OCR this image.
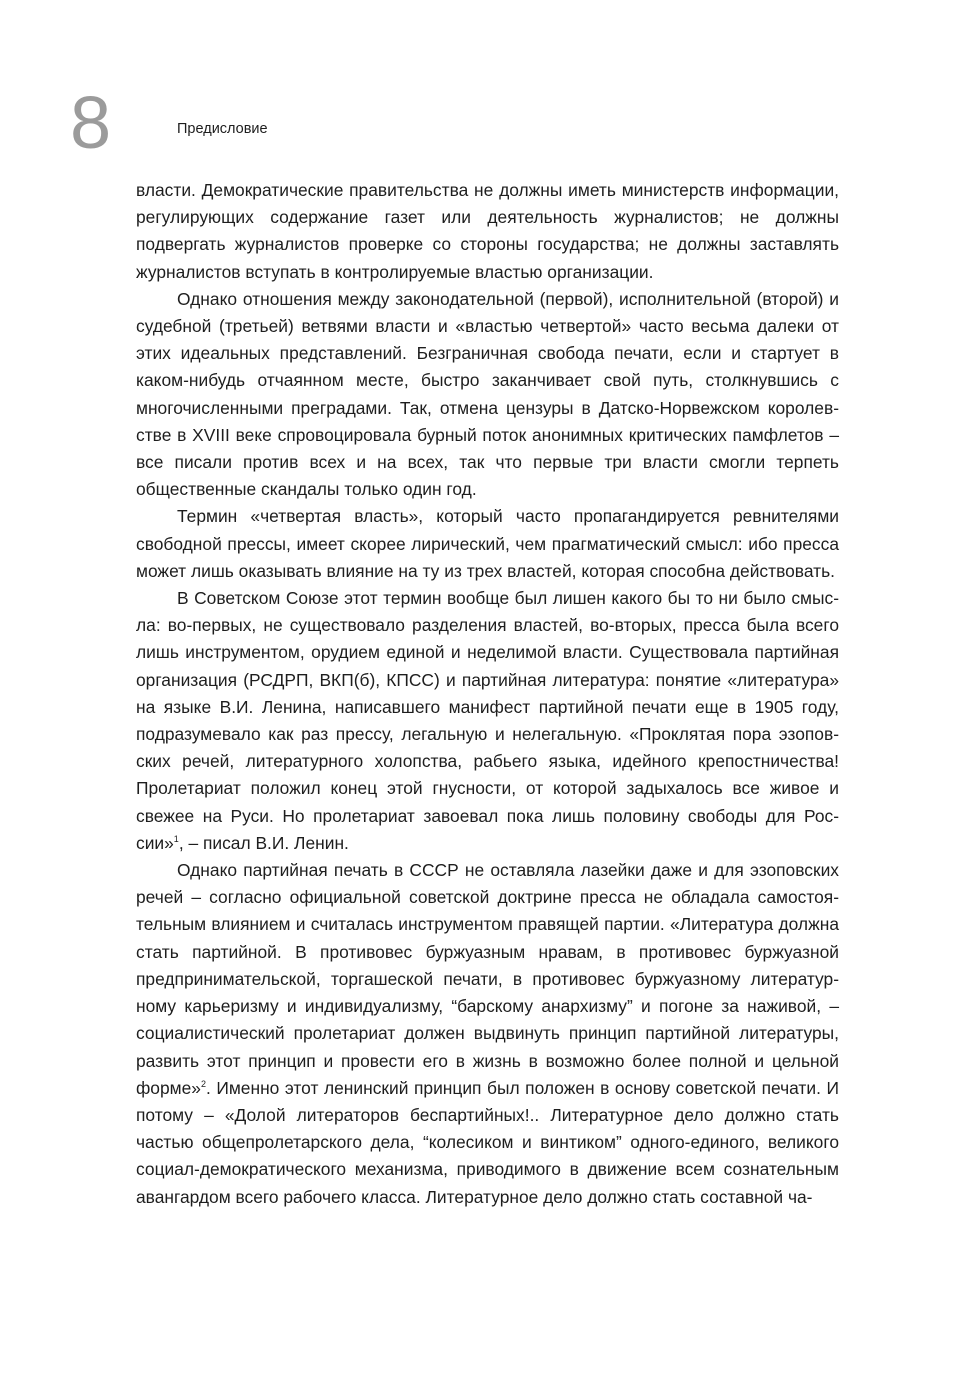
8	Предисловие

власти. Демократические правительства не должны иметь министерств информации, регулирующих содержание газет или деятельность журналистов; не должны подвергать журналистов проверке со стороны государства; не должны заставлять журналистов вступать в контролируемые властью организации.

Однако отношения между законодательной (первой), исполнительной (второй) и судебной (третьей) ветвями власти и «властью четвертой» часто весьма далеки от этих идеальных представлений. Безграничная свобода печати, если и стартует в каком-нибудь отчаянном месте, быстро заканчивает свой путь, столкнувшись с многочисленными преградами. Так, отмена цензуры в Датско-Норвежском королевстве в XVIII веке спровоцировала бурный поток анонимных критических памфлетов – все писали против всех и на всех, так что первые три власти смогли терпеть общественные скандалы только один год.

Термин «четвертая власть», который часто пропагандируется ревнителями свободной прессы, имеет скорее лирический, чем прагматический смысл: ибо пресса может лишь оказывать влияние на ту из трех властей, которая способна действовать.

В Советском Союзе этот термин вообще был лишен какого бы то ни было смысла: во-первых, не существовало разделения властей, во-вторых, пресса была всего лишь инструментом, орудием единой и неделимой власти. Существовала партийная организация (РСДРП, ВКП(б), КПСС) и партийная литература: понятие «литература» на языке В.И. Ленина, написавшего манифест партийной печати еще в 1905 году, подразумевало как раз прессу, легальную и нелегальную. «Проклятая пора эзоповских речей, литературного холопства, рабьего языка, идейного крепостничества! Пролетариат положил конец этой гнусности, от которой задыхалось все живое и свежее на Руси. Но пролетариат завоевал пока лишь половину свободы для России»$^1$, – писал В.И. Ленин.

Однако партийная печать в СССР не оставляла лазейки даже и для эзоповских речей – согласно официальной советской доктрине пресса не обладала самостоятельным влиянием и считалась инструментом правящей партии. «Литература должна стать партийной. В противовес буржуазным нравам, в противовес буржуазной предпринимательской, торгашеской печати, в противовес буржуазному литературному карьеризму и индивидуализму, “барскому анархизму” и погоне за наживой, – социалистический пролетариат должен выдвинуть принцип партийной литературы, развить этот принцип и провести его в жизнь в возможно более полной и цельной форме»$^2$. Именно этот ленинский принцип был положен в основу советской печати. И потому – «Долой литераторов беспартийных!.. Литературное дело должно стать частью общепролетарского дела, “колесиком и винтиком” одного-единого, великого социал-демократического механизма, приводимого в движение всем сознательным авангардом всего рабочего класса. Литературное дело должно стать составной ча-
